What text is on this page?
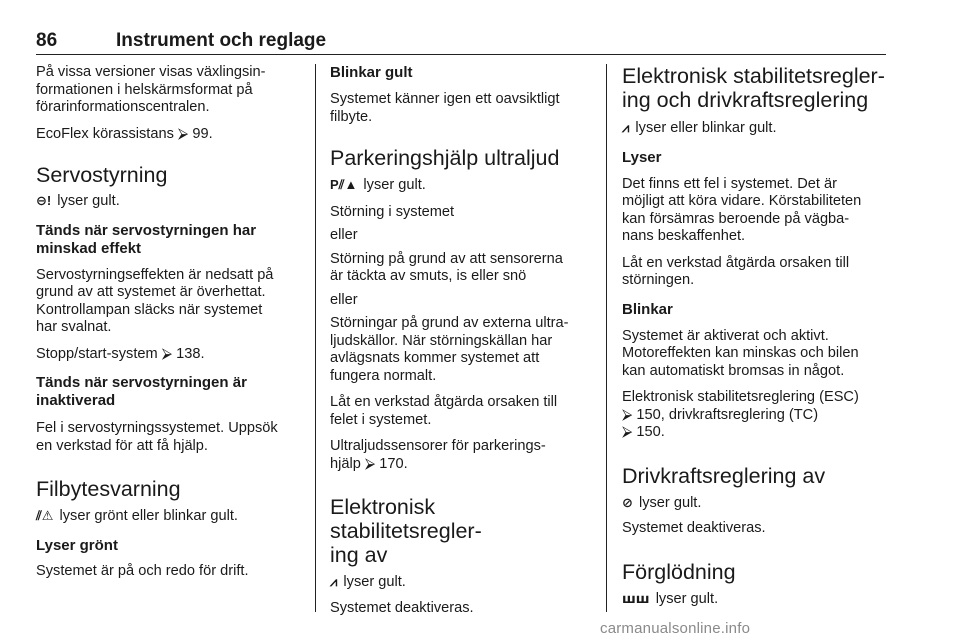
86	Instrument och reglage

På vissa versioner visas växlingsin-

formationen i helskärmsformat på

förarinformationscentralen.

EcoFlex körassistans ⮚ 99.

Servostyrning

⊖! lyser gult.

Tänds när servostyrningen har
minskad effekt

Servostyrningseffekten är nedsatt på

grund av att systemet är överhettat.

Kontrollampan släcks när systemet

har svalnat.

Stopp/start-system ⮚ 138.

Tänds när servostyrningen är
inaktiverad

Fel i servostyrningssystemet. Uppsök

en verkstad för att få hjälp.

Filbytesvarning

⫽⚠ lyser grönt eller blinkar gult.

Lyser grönt

Systemet är på och redo för drift.

Blinkar gult

Systemet känner igen ett oavsiktligt

filbyte.

Parkeringshjälp ultraljud

P⫽▲ lyser gult.

Störning i systemet

eller

Störning på grund av att sensorerna

är täckta av smuts, is eller snö

eller

Störningar på grund av externa ultra-

ljudskällor. När störningskällan har

avlägsnats kommer systemet att

fungera normalt.

Låt en verkstad åtgärda orsaken till

felet i systemet.

Ultraljudssensorer för parkerings-

hjälp ⮚ 170.

Elektronisk stabilitetsregler-
ing av

⩘ lyser gult.

Systemet deaktiveras.

Elektronisk stabilitetsregler-
ing och drivkraftsreglering

⩘ lyser eller blinkar gult.

Lyser

Det finns ett fel i systemet. Det är

möjligt att köra vidare. Körstabiliteten

kan försämras beroende på vägba-

nans beskaffenhet.

Låt en verkstad åtgärda orsaken till

störningen.

Blinkar

Systemet är aktiverat och aktivt.

Motoreffekten kan minskas och bilen

kan automatiskt bromsas in något.

Elektronisk stabilitetsreglering (ESC)

⮚ 150, drivkraftsreglering (TC)

⮚ 150.

Drivkraftsreglering av

⊘ lyser gult.

Systemet deaktiveras.

Förglödning

ꟺꟺ lyser gult.

carmanualsonline.info
